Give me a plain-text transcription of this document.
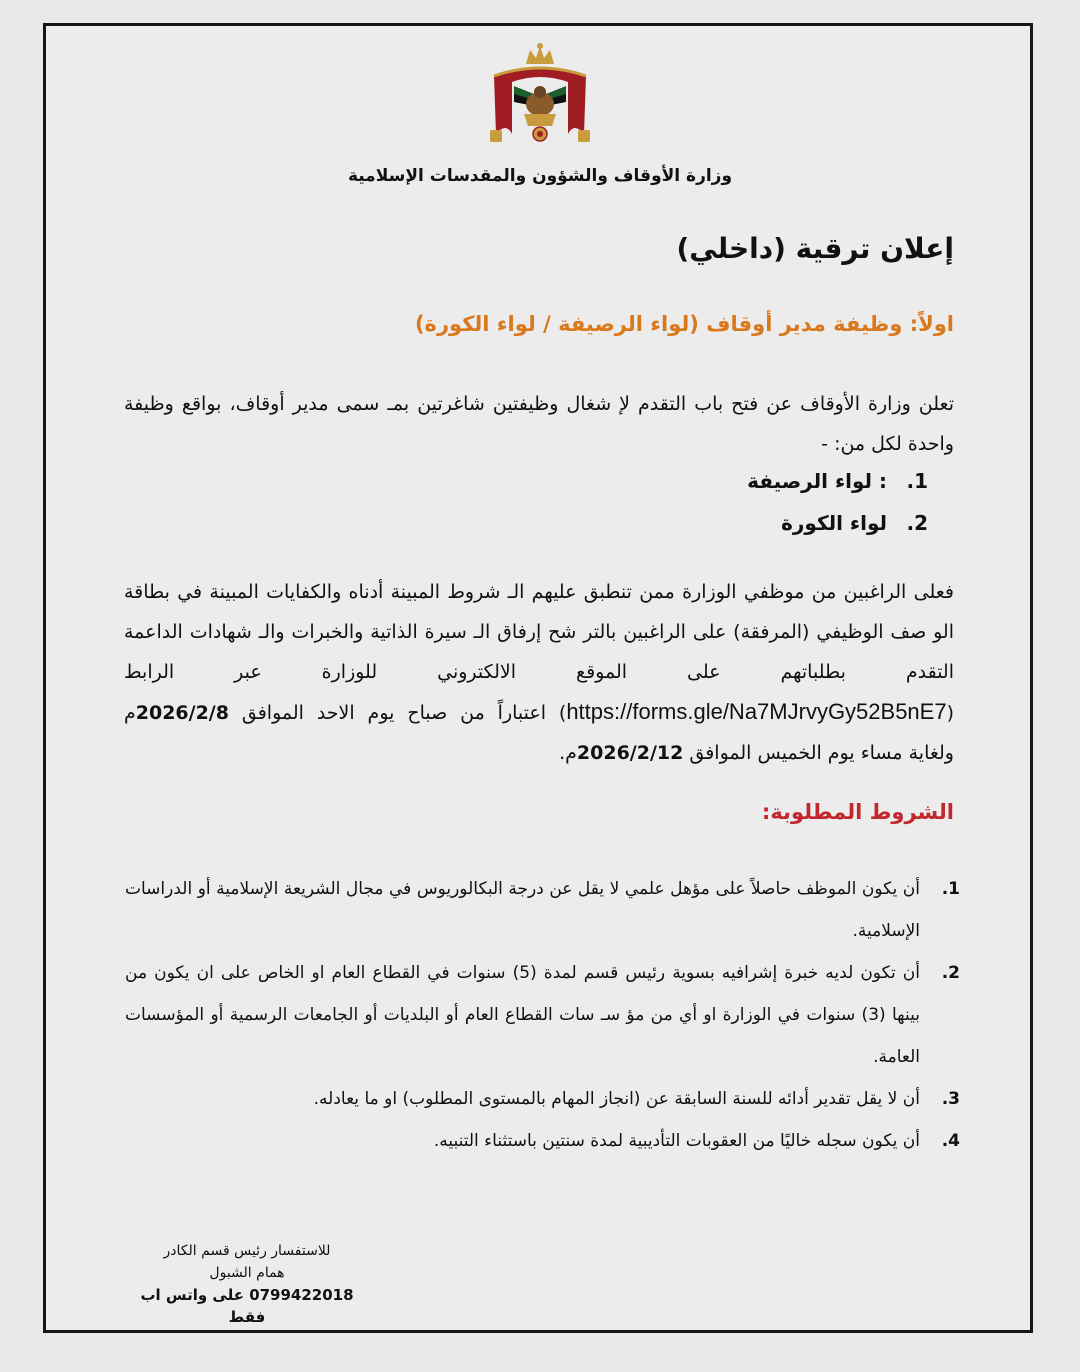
وزارة الأوقاف والشؤون والمقدسات الإسلامية
إعلان ترقية (داخلي)
اولاً: وظيفة مدير أوقاف (لواء الرصيفة / لواء الكورة)
تعلن وزارة الأوقاف عن فتح باب التقدم لإ شغال وظيفتين شاغرتين بمـ سمى مدير أوقاف، بواقع وظيفة واحدة لكل من: -
1. : لواء الرصيفة
2. لواء الكورة
فعلى الراغبين من موظفي الوزارة ممن تنطبق عليهم الـ شروط المبينة أدناه والكفايات المبينة في بطاقة الو صف الوظيفي (المرفقة) على الراغبين بالتر شح إرفاق الـ سيرة الذاتية والخبرات والـ شهادات الداعمة التقدم بطلباتهم على الموقع الالكتروني للوزارة عبر الرابط (https://forms.gle/Na7MJrvyGy52B5nE7) اعتباراً من صباح يوم الاحد الموافق 2026/2/8م ولغاية مساء يوم الخميس الموافق 2026/2/12م.
الشروط المطلوبة:
1.
أن يكون الموظف حاصلاً على مؤهل علمي لا يقل عن درجة البكالوريوس في مجال الشريعة الإسلامية أو الدراسات الإسلامية.
2.
أن تكون لديه خبرة إشرافيه بسوية رئيس قسم لمدة (5) سنوات في القطاع العام او الخاص على ان يكون من بينها (3) سنوات في الوزارة او أي من مؤ سـ سات القطاع العام أو البلديات أو الجامعات الرسمية أو المؤسسات العامة.
3.
أن لا يقل تقدير أدائه للسنة السابقة عن (انجاز المهام بالمستوى المطلوب) او ما يعادله.
4.
أن يكون سجله خاليًا من العقوبات التأديبية لمدة سنتين باستثناء التنبيه.
للاستفسار رئيس قسم الكادر
همام الشبول
0799422018 على واتس اب فقط
